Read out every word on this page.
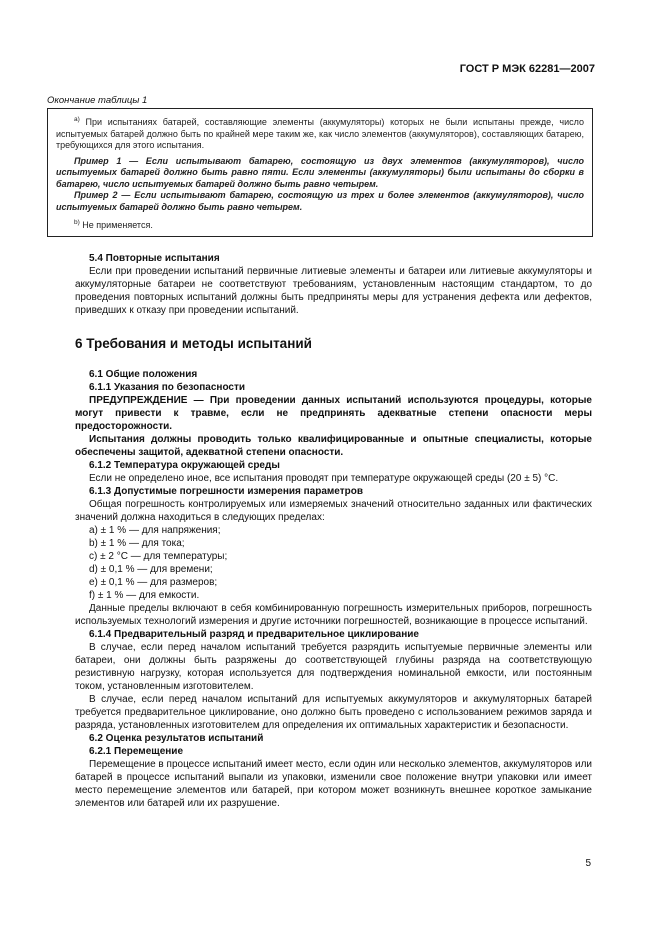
ГОСТ Р МЭК 62281—2007
Окончание таблицы 1

$^{a)}$ При испытаниях батарей, составляющие элементы (аккумуляторы) которых не были испытаны прежде, число испытуемых батарей должно быть по крайней мере таким же, как число элементов (аккумуляторов), составляющих батарею, требующихся для этого испытания.

Пример 1 — Если испытывают батарею, состоящую из двух элементов (аккумуляторов), число испытуемых батарей должно быть равно пяти. Если элементы (аккумуляторы) были испытаны до сборки в батарею, число испытуемых батарей должно быть равно четырем.

Пример 2 — Если испытывают батарею, состоящую из трех и более элементов (аккумуляторов), число испытуемых батарей должно быть равно четырем.

$^{b)}$ Не применяется.

5.4 Повторные испытания

Если при проведении испытаний первичные литиевые элементы и батареи или литиевые аккумуляторы и аккумуляторные батареи не соответствуют требованиям, установленным настоящим стандартом, то до проведения повторных испытаний должны быть предприняты меры для устранения дефекта или дефектов, приведших к отказу при проведении испытаний.

6 Требования и методы испытаний

6.1 Общие положения

6.1.1 Указания по безопасности

ПРЕДУПРЕЖДЕНИЕ — При проведении данных испытаний используются процедуры, которые могут привести к травме, если не предпринять адекватные степени опасности меры предосторожности.

Испытания должны проводить только квалифицированные и опытные специалисты, которые обеспечены защитой, адекватной степени опасности.

6.1.2 Температура окружающей среды

Если не определено иное, все испытания проводят при температуре окружающей среды (20 ± 5) °С.

6.1.3 Допустимые погрешности измерения параметров

Общая погрешность контролируемых или измеряемых значений относительно заданных или фактических значений должна находиться в следующих пределах:

a) ± 1 % — для напряжения;

b) ± 1 % — для тока;

c) ± 2 °С — для температуры;

d) ± 0,1 % — для времени;

e) ± 0,1 % — для размеров;

f) ± 1 % — для емкости.

Данные пределы включают в себя комбинированную погрешность измерительных приборов, погрешность используемых технологий измерения и другие источники погрешностей, возникающие в процессе испытаний.

6.1.4 Предварительный разряд и предварительное циклирование

В случае, если перед началом испытаний требуется разрядить испытуемые первичные элементы или батареи, они должны быть разряжены до соответствующей глубины разряда на соответствующую резистивную нагрузку, которая используется для подтверждения номинальной емкости, или постоянным током, установленным изготовителем.

В случае, если перед началом испытаний для испытуемых аккумуляторов и аккумуляторных батарей требуется предварительное циклирование, оно должно быть проведено с использованием режимов заряда и разряда, установленных изготовителем для определения их оптимальных характеристик и безопасности.

6.2 Оценка результатов испытаний

6.2.1 Перемещение

Перемещение в процессе испытаний имеет место, если один или несколько элементов, аккумуляторов или батарей в процессе испытаний выпали из упаковки, изменили свое положение внутри упаковки или имеет место перемещение элементов или батарей, при котором может возникнуть внешнее короткое замыкание элементов или батарей или их разрушение.

5
